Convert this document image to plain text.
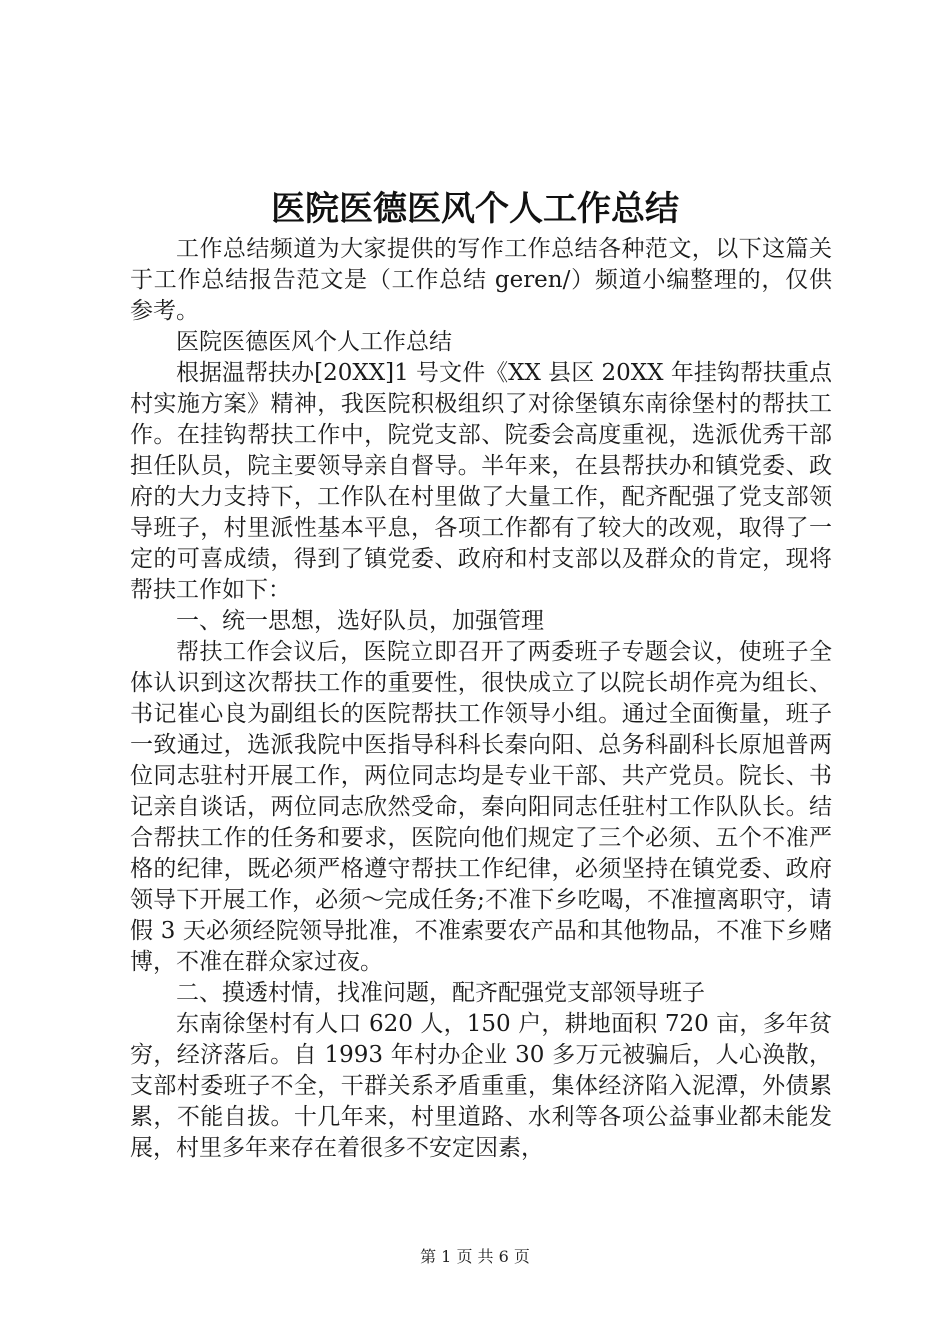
医院医德医风个人工作总结

工作总结频道为大家提供的写作工作总结各种范文，以下这篇关于工作总结报告范文是（工作总结 geren/）频道小编整理的，仅供参考。

医院医德医风个人工作总结

根据温帮扶办[20XX]1 号文件《XX 县区 20XX 年挂钩帮扶重点村实施方案》精神，我医院积极组织了对徐堡镇东南徐堡村的帮扶工作。在挂钩帮扶工作中，院党支部、院委会高度重视，选派优秀干部担任队员，院主要领导亲自督导。半年来，在县帮扶办和镇党委、政府的大力支持下，工作队在村里做了大量工作，配齐配强了党支部领导班子，村里派性基本平息，各项工作都有了较大的改观，取得了一定的可喜成绩，得到了镇党委、政府和村支部以及群众的肯定，现将帮扶工作如下：

一、统一思想，选好队员，加强管理

帮扶工作会议后，医院立即召开了两委班子专题会议，使班子全体认识到这次帮扶工作的重要性，很快成立了以院长胡作亮为组长、书记崔心良为副组长的医院帮扶工作领导小组。通过全面衡量，班子一致通过，选派我院中医指导科科长秦向阳、总务科副科长原旭普两位同志驻村开展工作，两位同志均是专业干部、共产党员。院长、书记亲自谈话，两位同志欣然受命，秦向阳同志任驻村工作队队长。结合帮扶工作的任务和要求，医院向他们规定了三个必须、五个不准严格的纪律，既必须严格遵守帮扶工作纪律，必须坚持在镇党委、政府领导下开展工作，必须～完成任务;不准下乡吃喝，不准擅离职守，请假 3 天必须经院领导批准，不准索要农产品和其他物品，不准下乡赌博，不准在群众家过夜。

二、摸透村情，找准问题，配齐配强党支部领导班子

东南徐堡村有人口 620 人，150 户，耕地面积 720 亩，多年贫穷，经济落后。自 1993 年村办企业 30 多万元被骗后，人心涣散，支部村委班子不全，干群关系矛盾重重，集体经济陷入泥潭，外债累累，不能自拔。十几年来，村里道路、水利等各项公益事业都未能发展，村里多年来存在着很多不安定因素，

第 1 页 共 6 页
